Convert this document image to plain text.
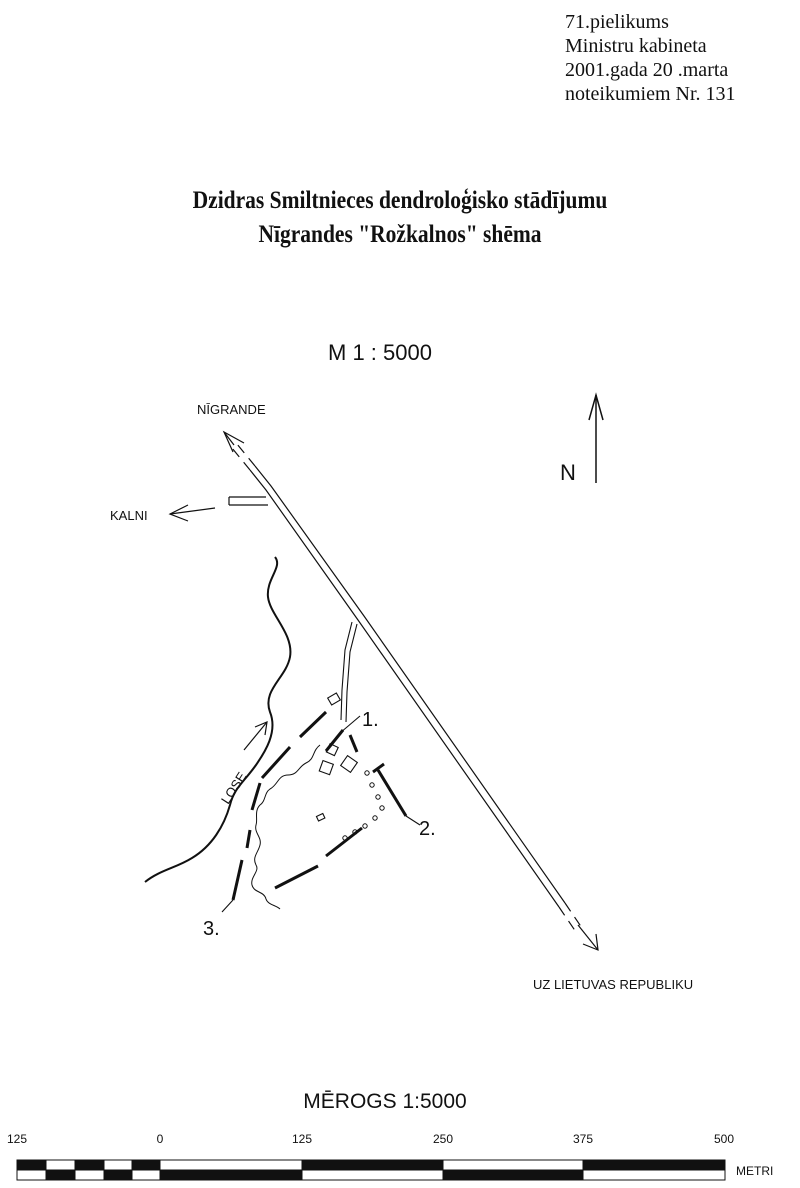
71.pielikums
Ministru kabineta
2001.gada 20 .marta
noteikumiem Nr. 131
Dzidras Smiltnieces dendroloģisko stādījumu
Nīgrandes "Rožkalnos" shēma
M 1 : 5000
N
NĪGRANDE
KALNI
UZ LIETUVAS REPUBLIKU
LOSE
1.
2.
3.
MĒROGS 1:5000
125	0	125	250	375	500
METRI
